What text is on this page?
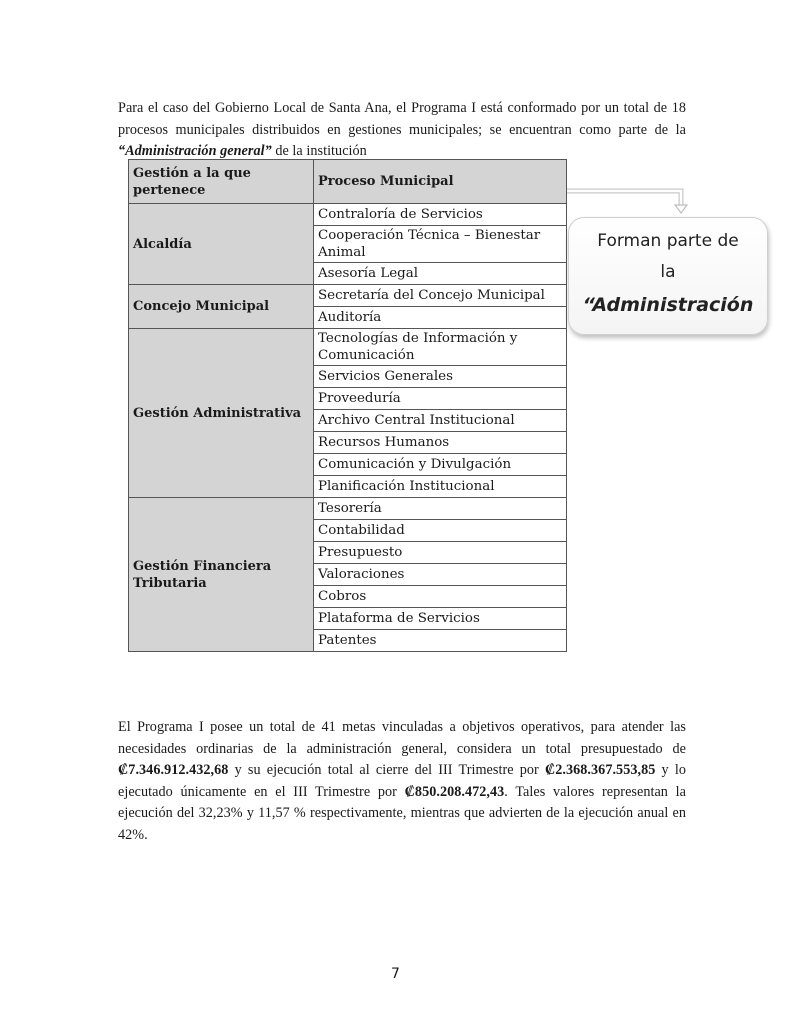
Para el caso del Gobierno Local de Santa Ana, el Programa I está conformado por un total de 18 procesos municipales distribuidos en gestiones municipales; se encuentran como parte de la “Administración general” de la institución

Gestión a la que pertenece	Proceso Municipal
Alcaldía	Contraloría de Servicios
	Cooperación Técnica – Bienestar Animal
	Asesoría Legal
Concejo Municipal	Secretaría del Concejo Municipal
	Auditoría
Gestión Administrativa	Tecnologías de Información y Comunicación
	Servicios Generales
	Proveeduría
	Archivo Central Institucional
	Recursos Humanos
	Comunicación y Divulgación
	Planificación Institucional
Gestión Financiera Tributaria	Tesorería
	Contabilidad
	Presupuesto
	Valoraciones
	Cobros
	Plataforma de Servicios
	Patentes
Forman parte de
la
“Administración

El Programa I posee un total de 41 metas vinculadas a objetivos operativos, para atender las necesidades ordinarias de la administración general, considera un total presupuestado de ₡7.346.912.432,68 y su ejecución total al cierre del III Trimestre por ₡2.368.367.553,85 y lo ejecutado únicamente en el III Trimestre por ₡850.208.472,43. Tales valores representan la ejecución del 32,23% y 11,57 % respectivamente, mientras que advierten de la ejecución anual en 42%.

7
